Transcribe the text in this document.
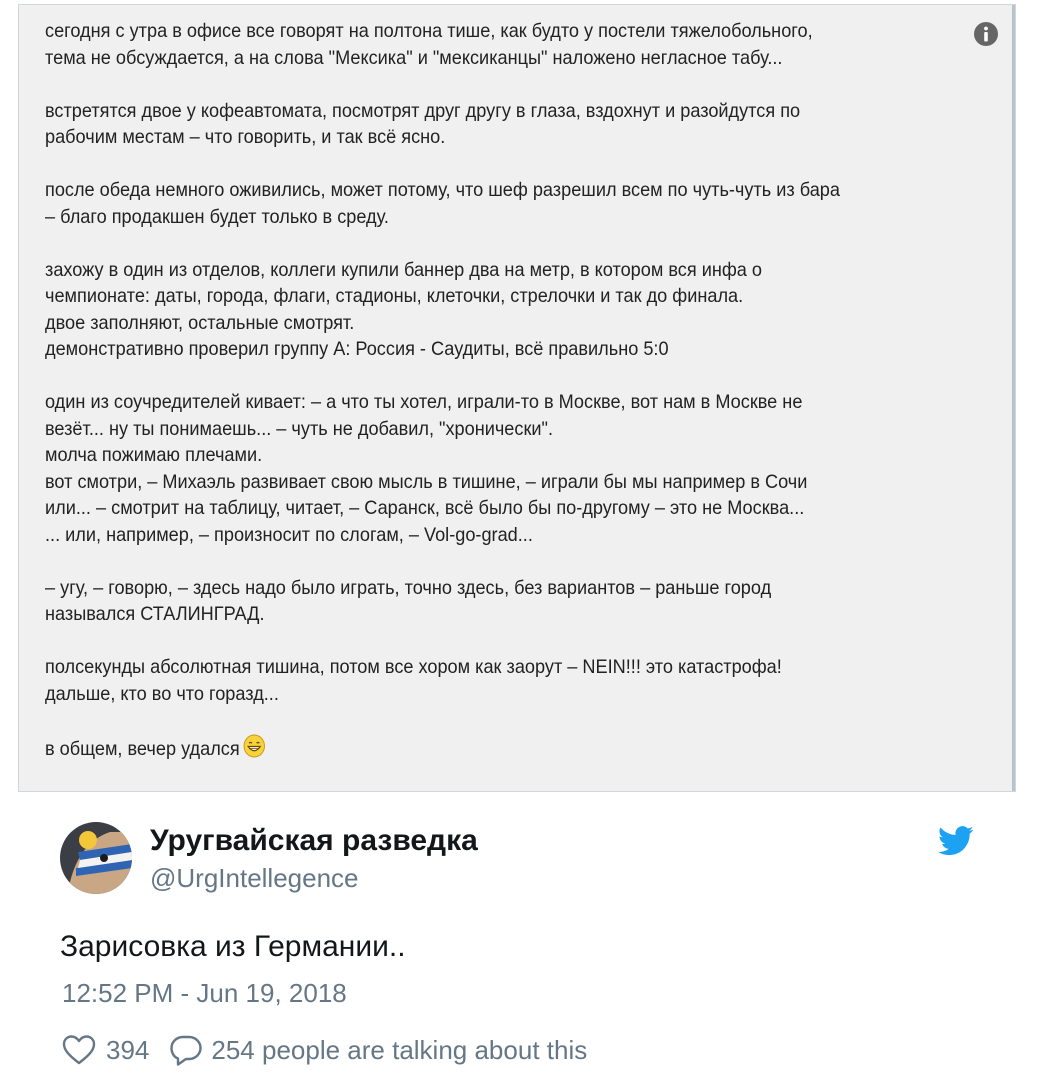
сегодня с утра в офисе все говорят на полтона тише, как будто у постели тяжелобольного,
тема не обсуждается, а на слова "Мексика" и "мексиканцы" наложено негласное табу...

встретятся двое у кофеавтомата, посмотрят друг другу в глаза, вздохнут и разойдутся по
рабочим местам – что говорить, и так всё ясно.

после обеда немного оживились, может потому, что шеф разрешил всем по чуть-чуть из бара
– благо продакшен будет только в среду.

захожу в один из отделов, коллеги купили баннер два на метр, в котором вся инфа о
чемпионате: даты, города, флаги, стадионы, клеточки, стрелочки и так до финала.
двое заполняют, остальные смотрят.
демонстративно проверил группу А: Россия - Саудиты, всё правильно 5:0

один из соучредителей кивает: – а что ты хотел, играли-то в Москве, вот нам в Москве не
везёт... ну ты понимаешь... – чуть не добавил, "хронически".
молча пожимаю плечами.
вот смотри, – Михаэль развивает свою мысль в тишине, – играли бы мы например в Сочи
или... – смотрит на таблицу, читает, – Саранск, всё было бы по-другому – это не Москва...
... или, например, – произносит по слогам, – Vol-go-grad...

– угу, – говорю, – здесь надо было играть, точно здесь, без вариантов – раньше город
назывался СТАЛИНГРАД.

полсекунды абсолютная тишина, потом все хором как заорут – NEIN!!! это катастрофа!
дальше, кто во что горазд...

в общем, вечер удался

Уругвайская разведка
@UrgIntellegence
Зарисовка из Германии..
12:52 PM - Jun 19, 2018
394 254 people are talking about this
